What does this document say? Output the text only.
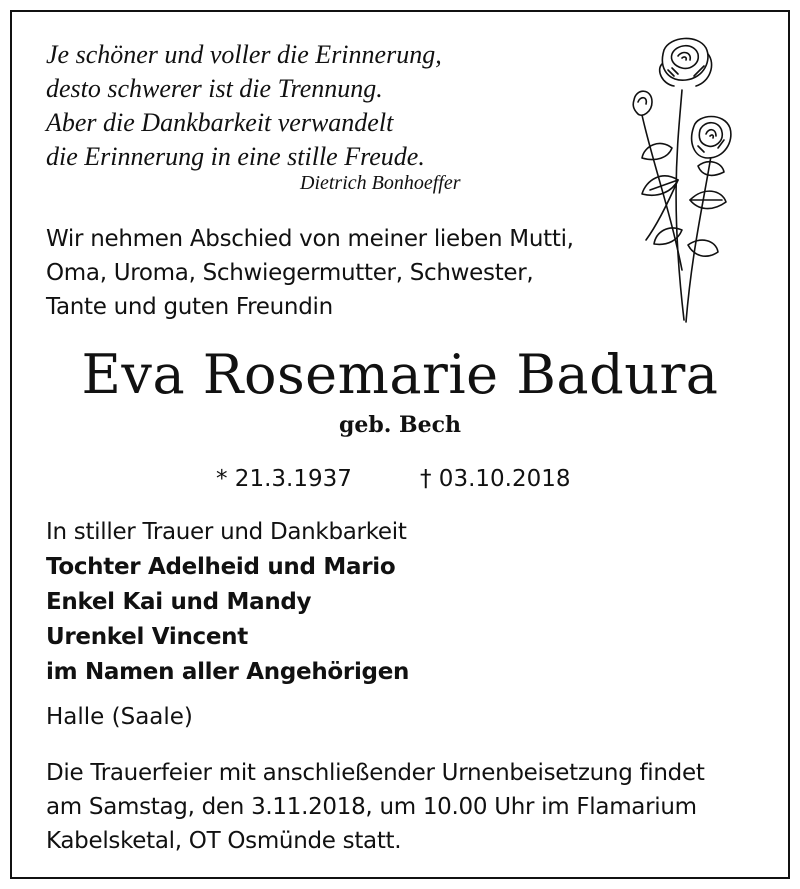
Je schöner und voller die Erinnerung,
desto schwerer ist die Trennung.
Aber die Dankbarkeit verwandelt
die Erinnerung in eine stille Freude.
Dietrich Bonhoeffer
Wir nehmen Abschied von meiner lieben Mutti,
Oma, Uroma, Schwiegermutter, Schwester,
Tante und guten Freundin
Eva Rosemarie Badura
geb. Bech
* 21.3.1937	† 03.10.2018
In stiller Trauer und Dankbarkeit
Tochter Adelheid und Mario
Enkel Kai und Mandy
Urenkel Vincent
im Namen aller Angehörigen
Halle (Saale)
Die Trauerfeier mit anschließender Urnenbeisetzung findet
am Samstag, den 3.11.2018, um 10.00 Uhr im Flamarium
Kabelsketal, OT Osmünde statt.
